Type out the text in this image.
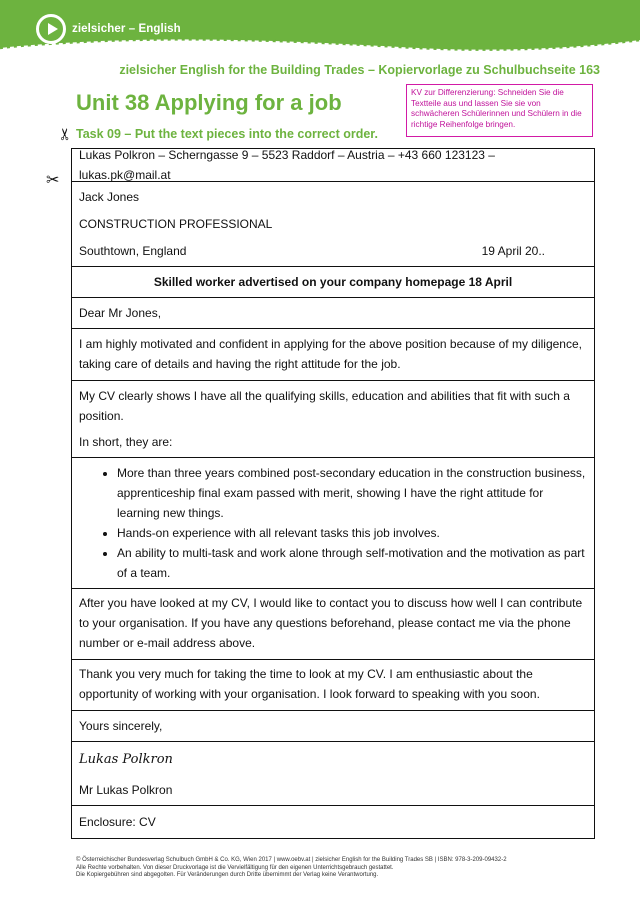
zielsicher – English
zielsicher English for the Building Trades – Kopiervorlage zu Schulbuchseite 163
Unit 38 Applying for a job	KV zur Differenzierung: Schneiden Sie die Textteile aus und lassen Sie sie von schwächeren Schülerinnen und Schülern in die richtige Reihenfolge bringen.
✂ Task 09 – Put the text pieces into the correct order.
✂
Lukas Polkron – Scherngasse 9 – 5523 Raddorf – Austria – +43 660 123123 – lukas.pk@mail.at

Jack Jones

CONSTRUCTION PROFESSIONAL

Southtown, England	19 April 20..
Skilled worker advertised on your company homepage 18 April
Dear Mr Jones,

I am highly motivated and confident in applying for the above position because of my diligence, taking care of details and having the right attitude for the job.

My CV clearly shows I have all the qualifying skills, education and abilities that fit with such a position.

In short, they are:

• More than three years combined post-secondary education in the construction business, apprenticeship final exam passed with merit, showing I have the right attitude for learning new things.
• Hands-on experience with all relevant tasks this job involves.
• An ability to multi-task and work alone through self-motivation and the motivation as part of a team.

After you have looked at my CV, I would like to contact you to discuss how well I can contribute to your organisation. If you have any questions beforehand, please contact me via the phone number or e-mail address above.

Thank you very much for taking the time to look at my CV. I am enthusiastic about the opportunity of working with your organisation. I look forward to speaking with you soon.

Yours sincerely,

Lukas Polkron

Mr Lukas Polkron

Enclosure: CV
© Österreichischer Bundesverlag Schulbuch GmbH & Co. KG, Wien 2017 | www.oebv.at | zielsicher English for the Building Trades SB | ISBN: 978-3-209-09432-2
Alle Rechte vorbehalten. Von dieser Druckvorlage ist die Vervielfältigung für den eigenen Unterrichtsgebrauch gestattet.
Die Kopiergebühren sind abgegolten. Für Veränderungen durch Dritte übernimmt der Verlag keine Verantwortung.
